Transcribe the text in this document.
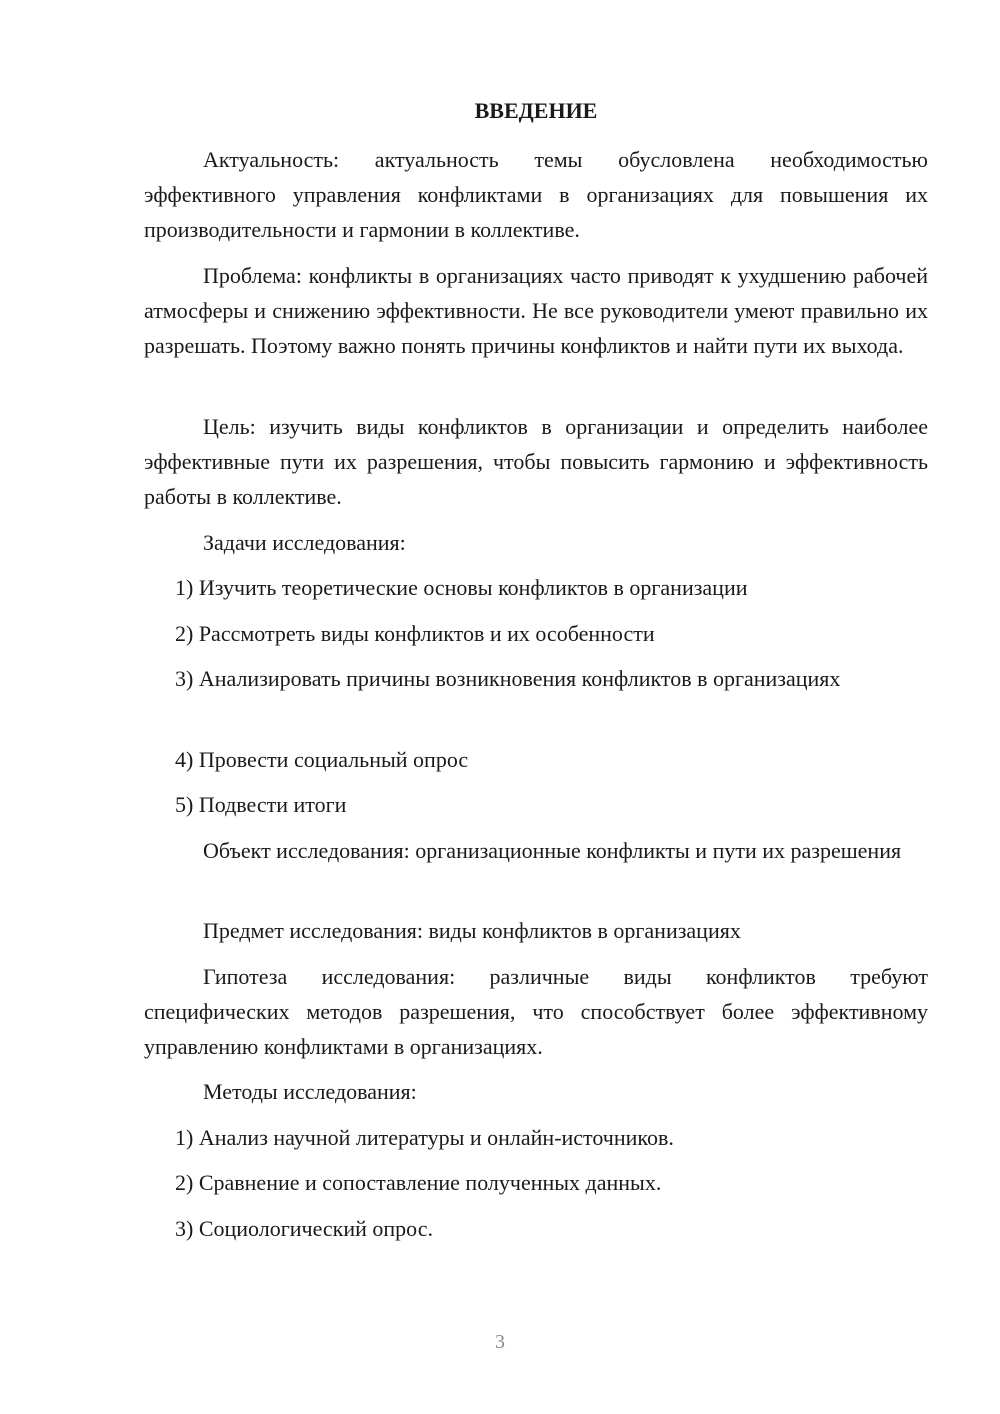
ВВЕДЕНИЕ

Актуальность: актуальность темы обусловлена необходимостью эффективного управления конфликтами в организациях для повышения их производительности и гармонии в коллективе.

Проблема: конфликты в организациях часто приводят к ухудшению рабочей атмосферы и снижению эффективности. Не все руководители умеют правильно их разрешать. Поэтому важно понять причины конфликтов и найти пути их выхода.

Цель: изучить виды конфликтов в организации и определить наиболее эффективные пути их разрешения, чтобы повысить гармонию и эффективность работы в коллективе.

Задачи исследования:

1) Изучить теоретические основы конфликтов в организации

2) Рассмотреть виды конфликтов и их особенности

3) Анализировать причины возникновения конфликтов в организациях

4) Провести социальный опрос

5) Подвести итоги

Объект исследования: организационные конфликты и пути их разрешения

Предмет исследования: виды конфликтов в организациях

Гипотеза исследования: различные виды конфликтов требуют специфических методов разрешения, что способствует более эффективному управлению конфликтами в организациях.

Методы исследования:

1) Анализ научной литературы и онлайн-источников.

2) Сравнение и сопоставление полученных данных.

3) Социологический опрос.

3
